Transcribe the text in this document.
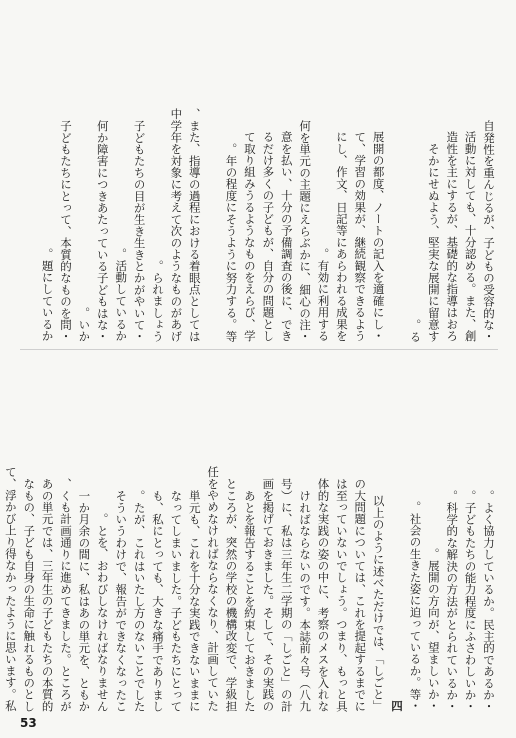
・自発性を重んじるが、子どもの受容的な
活動に対しても、十分認める。また、創
造性を主にするが、基礎的な指導はおろ
そかにせぬよう、堅実な展開に留意す
る。
・展開の都度、ノートの記入を適確にし
て、学習の効果が、継続観察できるよう
にし、作文、日記等にあらわれる成果を
有効に利用する。
・何を単元の主題にえらぶかに、細心の注
意を払い、十分の予備調査の後に、でき
るだけ多くの子どもが、自分の問題とし
て取り組みうるようなものをえらび、学
年の程度にそうように努力する。等。
また、指導の過程における着眼点としては、
中学年を対象に考えて次のようなものがあげ
られましょう。
・子どもたちの目が生き生きとかがやいて
活動しているか。
・何か障害につきあたっている子どもはな
いか。
・子どもたちにとって、本質的なものを問
題にしているか。
・よく協力しているか。民主的であるか。
・子どもたちの能力程度にふさわしいか。
・科学的な解決の方法がとられているか。
・展開の方向が、望ましいか。
・社会の生きた姿に迫っているか。等。
四
以上のように述べただけでは、「しごと」
の大問題については、これを提起するまでに
は至っていないでしょう。つまり、もっと具
体的な実践の姿の中に、考察のメスを入れな
ければならないのです。本誌前々号（八九
号）に、私は三年生二学期の「しごと」の計
画を掲げておきました。そして、その実践の
あとを報告することを約束しておきました
ところが、突然の学校の機構改変で、学級担
任をやめなければならなくなり、計画していた
単元も、これを十分な実践できないままに
なってしまいました。子どもたちにとって
も、私にとっても、大きな痛手でありまし
たが、これはいたし方のないことでした。
そういうわけで、報告ができなくなったこ
とを、おわびしなければなりません。
一か月余の間に、私はあの単元を、ともか
くも計画通りに進めてきました。ところが、
あの単元では、三年生の子どもたちの本質的
なもの、子ども自身の生命に触れるものとし
て、浮かび上り得なかったように思います。私
53
